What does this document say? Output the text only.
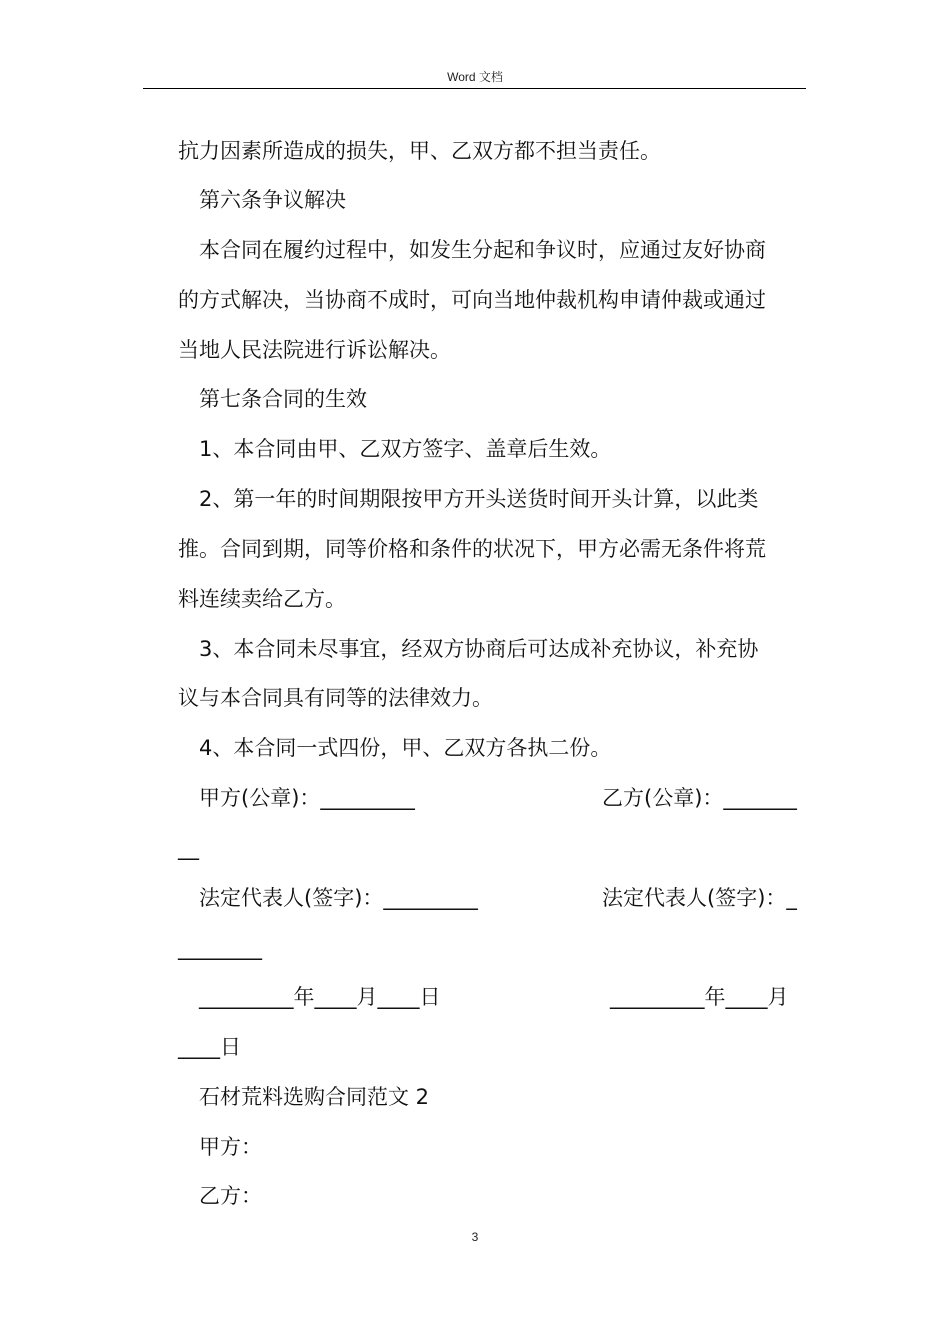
Word 文档
抗力因素所造成的损失，甲、乙双方都不担当责任。
第六条争议解决
本合同在履约过程中，如发生分起和争议时，应通过友好协商
的方式解决，当协商不成时，可向当地仲裁机构申请仲裁或通过
当地人民法院进行诉讼解决。
第七条合同的生效
1、本合同由甲、乙双方签字、盖章后生效。
2、第一年的时间期限按甲方开头送货时间开头计算，以此类
推。合同到期，同等价格和条件的状况下，甲方必需无条件将荒
料连续卖给乙方。
3、本合同未尽事宜，经双方协商后可达成补充协议，补充协
议与本合同具有同等的法律效力。
4、本合同一式四份，甲、乙双方各执二份。
甲方(公章)：_________	乙方(公章)：_______
__
法定代表人(签字)：_________	法定代表人(签字)：_
________
_________年____月____日	_________年____月
____日
石材荒料选购合同范文 2
甲方：
乙方：
3
